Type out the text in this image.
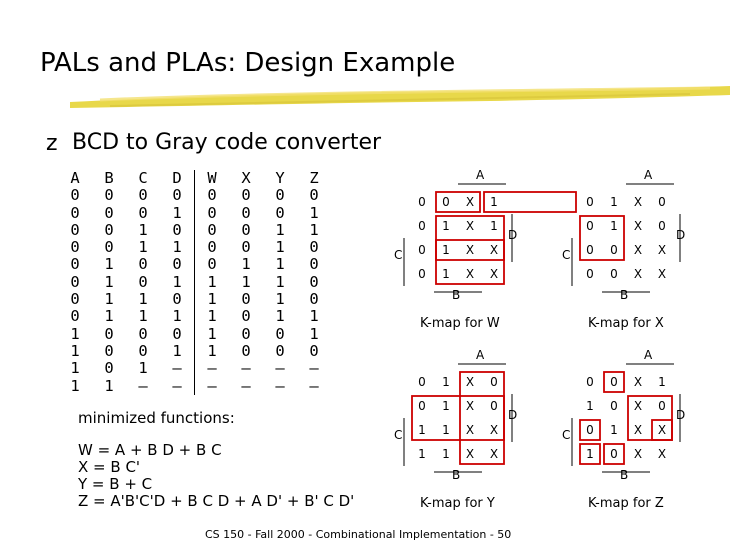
PALs and PLAs: Design Example
z BCD to Gray code converter
A	B	C	D	W	X	Y	Z
0	0	0	0	0	0	0	0
0	0	0	1	0	0	0	1
0	0	1	0	0	0	1	1
0	0	1	1	0	0	1	0
0	1	0	0	0	1	1	0
0	1	0	1	1	1	1	0
0	1	1	0	1	0	1	0
0	1	1	1	1	0	1	1
1	0	0	0	1	0	0	1
1	0	0	1	1	0	0	0
1	0	1	–	–	–	–	–
1	1	–	–	–	–	–	–
minimized functions:
W = A + B D + B C
X = B C'
Y = B + C
Z = A'B'C'D + B C D + A D' + B' C D'
0	0	X	1
0	1	X	1
0	1	X	X
0	1	X	X
A
D
C
B
K-map for W
0	1	X	0
0	1	X	0
0	0	X	X
0	0	X	X
A
D
C
B
K-map for X
0	1	X	0
0	1	X	0
1	1	X	X
1	1	X	X
A
D
C
B
K-map for Y
0	0	X	1
1	0	X	0
0	1	X	X
1	0	X	X
A
D
C
B
K-map for Z
CS 150 - Fall 2000 - Combinational Implementation - 50
